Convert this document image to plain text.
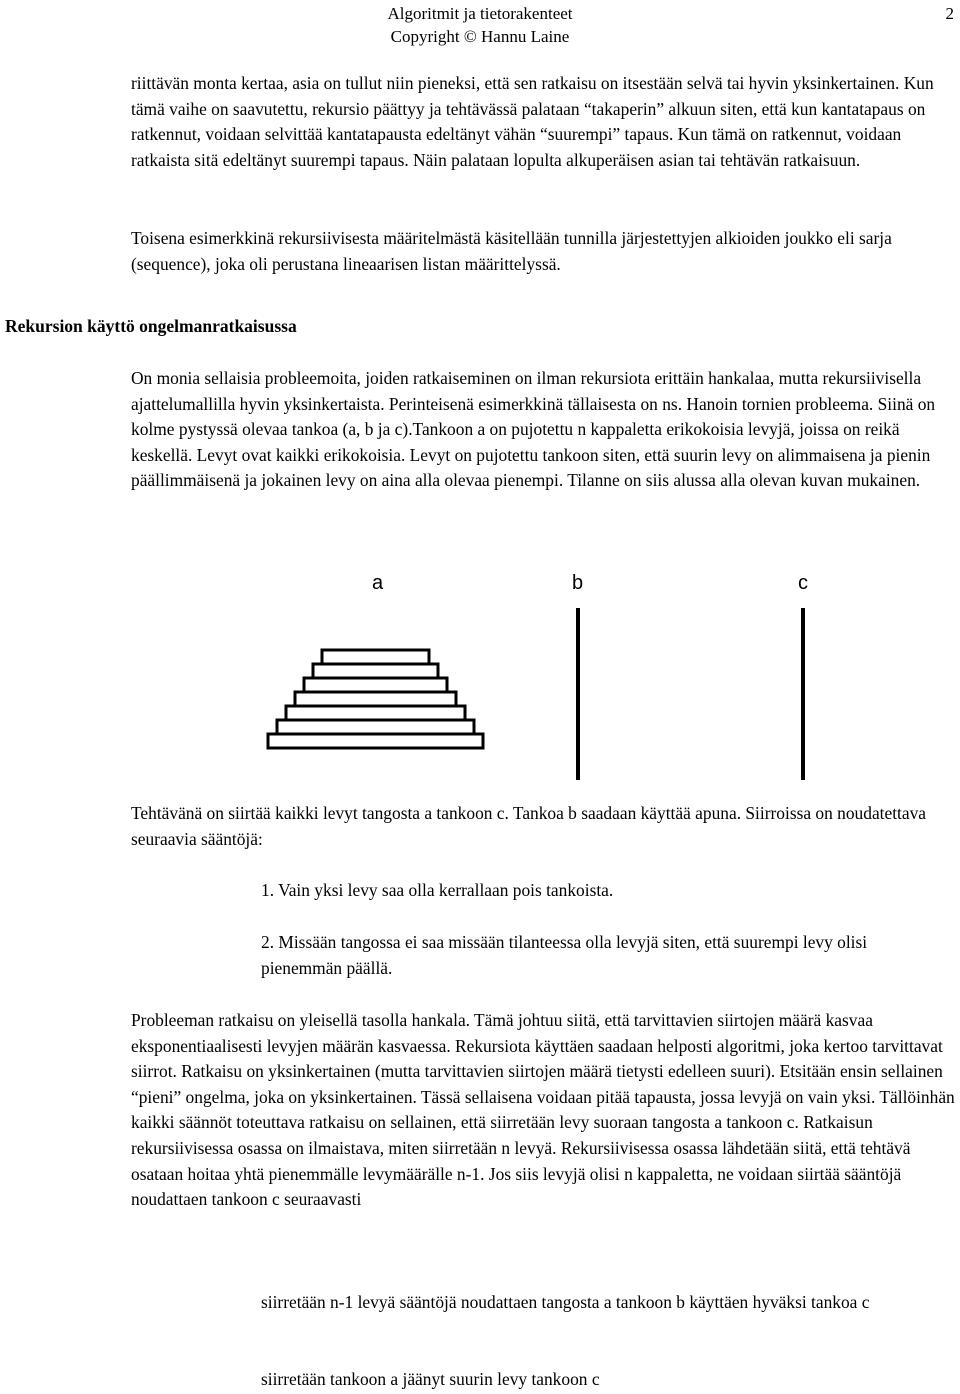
Algoritmit ja tietorakenteet
Copyright © Hannu Laine
2

riittävän monta kertaa, asia on tullut niin pieneksi, että sen ratkaisu on itsestään selvä tai hyvin yksinkertainen. Kun tämä vaihe on saavutettu, rekursio päättyy ja tehtävässä palataan “takaperin” alkuun siten, että kun kantatapaus on ratkennut, voidaan selvittää kantatapausta edeltänyt vähän “suurempi” tapaus. Kun tämä on ratkennut, voidaan ratkaista sitä edeltänyt suurempi tapaus. Näin palataan lopulta alkuperäisen asian tai tehtävän ratkaisuun.

Toisena esimerkkinä rekursiivisesta määritelmästä käsitellään tunnilla järjestettyjen alkioiden joukko eli sarja (sequence), joka oli perustana lineaarisen listan määrittelyssä.

Rekursion käyttö ongelmanratkaisussa

On monia sellaisia probleemoita, joiden ratkaiseminen on ilman rekursiota erittäin hankalaa, mutta rekursiivisella ajattelumallilla hyvin yksinkertaista. Perinteisenä esimerkkinä tällaisesta on ns. Hanoin tornien probleema. Siinä on kolme pystyssä olevaa tankoa (a, b ja c).Tankoon a on pujotettu n kappaletta erikokoisia levyjä, joissa on reikä keskellä. Levyt ovat kaikki erikokoisia. Levyt on pujotettu tankoon siten, että suurin levy on alimmaisena ja pienin päällimmäisenä ja jokainen levy on aina alla olevaa pienempi. Tilanne on siis alussa alla olevan kuvan mukainen.

a	b	c

Tehtävänä on siirtää kaikki levyt tangosta a tankoon c. Tankoa b saadaan käyttää apuna. Siirroissa on noudatettava seuraavia sääntöjä:

1. Vain yksi levy saa olla kerrallaan pois tankoista.

2. Missään tangossa ei saa missään tilanteessa olla levyjä siten, että suurempi levy olisi pienemmän päällä.

Probleeman ratkaisu on yleisellä tasolla hankala. Tämä johtuu siitä, että tarvittavien siirtojen määrä kasvaa eksponentiaalisesti levyjen määrän kasvaessa. Rekursiota käyttäen saadaan helposti algoritmi, joka kertoo tarvittavat siirrot. Ratkaisu on yksinkertainen (mutta tarvittavien siirtojen määrä tietysti edelleen suuri). Etsitään ensin sellainen “pieni” ongelma, joka on yksinkertainen. Tässä sellaisena voidaan pitää tapausta, jossa levyjä on vain yksi. Tällöinhän kaikki säännöt toteuttava ratkaisu on sellainen, että siirretään levy suoraan tangosta a tankoon c. Ratkaisun rekursiivisessa osassa on ilmaistava, miten siirretään n levyä. Rekursiivisessa osassa lähdetään siitä, että tehtävä osataan hoitaa yhtä pienemmälle levymäärälle n-1. Jos siis levyjä olisi n kappaletta, ne voidaan siirtää sääntöjä noudattaen tankoon c seuraavasti

siirretään n-1 levyä sääntöjä noudattaen tangosta a tankoon b käyttäen hyväksi tankoa c

siirretään tankoon a jäänyt suurin levy tankoon c
